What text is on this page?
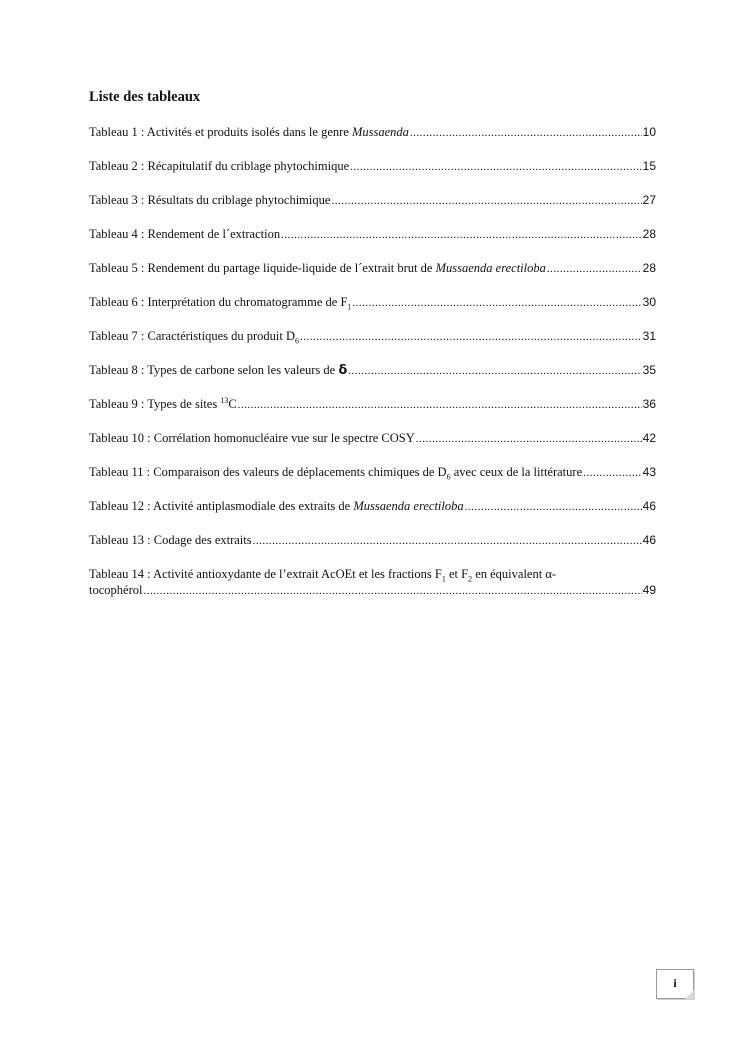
Liste des tableaux
Tableau 1 : Activités et produits isolés dans le genre Mussaenda .....	10
Tableau 2 : Récapitulatif du criblage phytochimique .....	15
Tableau 3 : Résultats du criblage phytochimique .....	27
Tableau 4 : Rendement de l´extraction .....	28
Tableau 5 : Rendement du partage liquide-liquide de l´extrait brut de Mussaenda erectiloba .....	28
Tableau 6 : Interprétation du chromatogramme de $F_1$ .....	30
Tableau 7 : Caractéristiques du produit $D_6$ .....	31
Tableau 8 : Types de carbone selon les valeurs de δ .....	35
Tableau 9 : Types de sites $^{13}$C .....	36
Tableau 10 : Corrélation homonucléaire vue sur le spectre COSY .....	42
Tableau 11 : Comparaison des valeurs de déplacements chimiques de $D_6$ avec ceux de la littérature .....	43
Tableau 12 : Activité antiplasmodiale des extraits de Mussaenda erectiloba .....	46
Tableau 13 : Codage des extraits .....	46
Tableau 14 : Activité antioxydante de l’extrait AcOEt et les fractions $F_1$ et $F_2$ en équivalent α-
tocophérol .....	49
i
